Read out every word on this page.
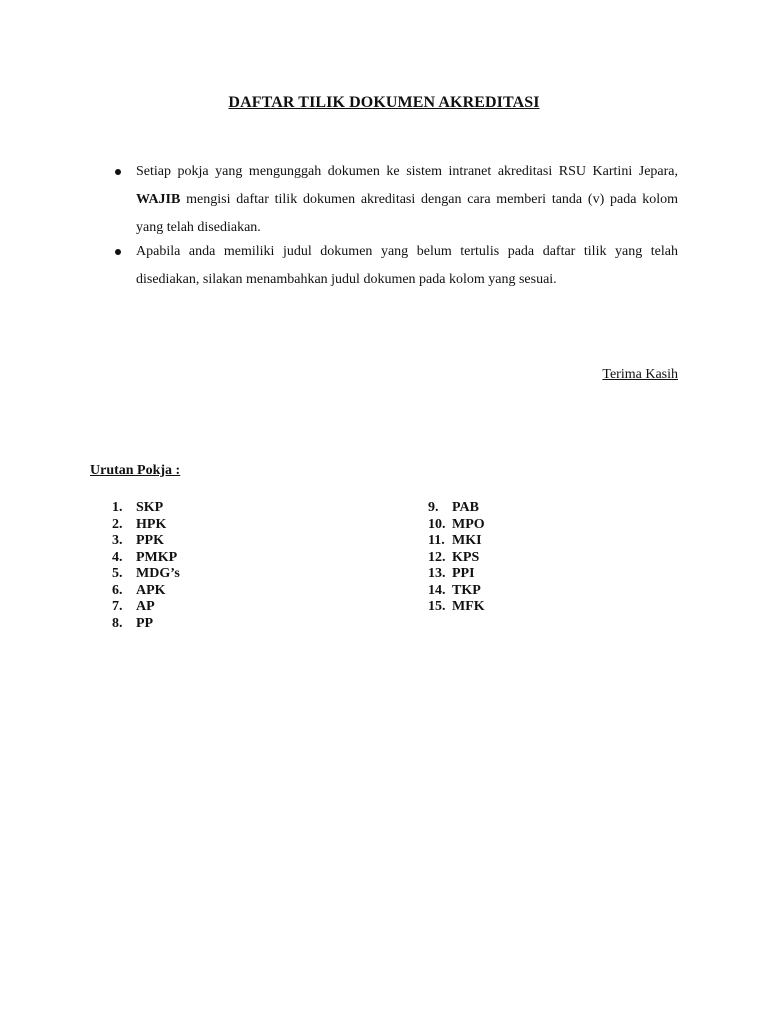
DAFTAR TILIK DOKUMEN AKREDITASI
Setiap pokja yang mengunggah dokumen ke sistem intranet akreditasi RSU Kartini Jepara, WAJIB mengisi daftar tilik dokumen akreditasi dengan cara memberi tanda (v) pada kolom yang telah disediakan.
Apabila anda memiliki judul dokumen yang belum tertulis pada daftar tilik yang telah disediakan, silakan menambahkan judul dokumen pada kolom yang sesuai.
Terima Kasih
Urutan Pokja :
1. SKP
2. HPK
3. PPK
4. PMKP
5. MDG’s
6. APK
7. AP
8. PP
9. PAB
10. MPO
11. MKI
12. KPS
13. PPI
14. TKP
15. MFK
